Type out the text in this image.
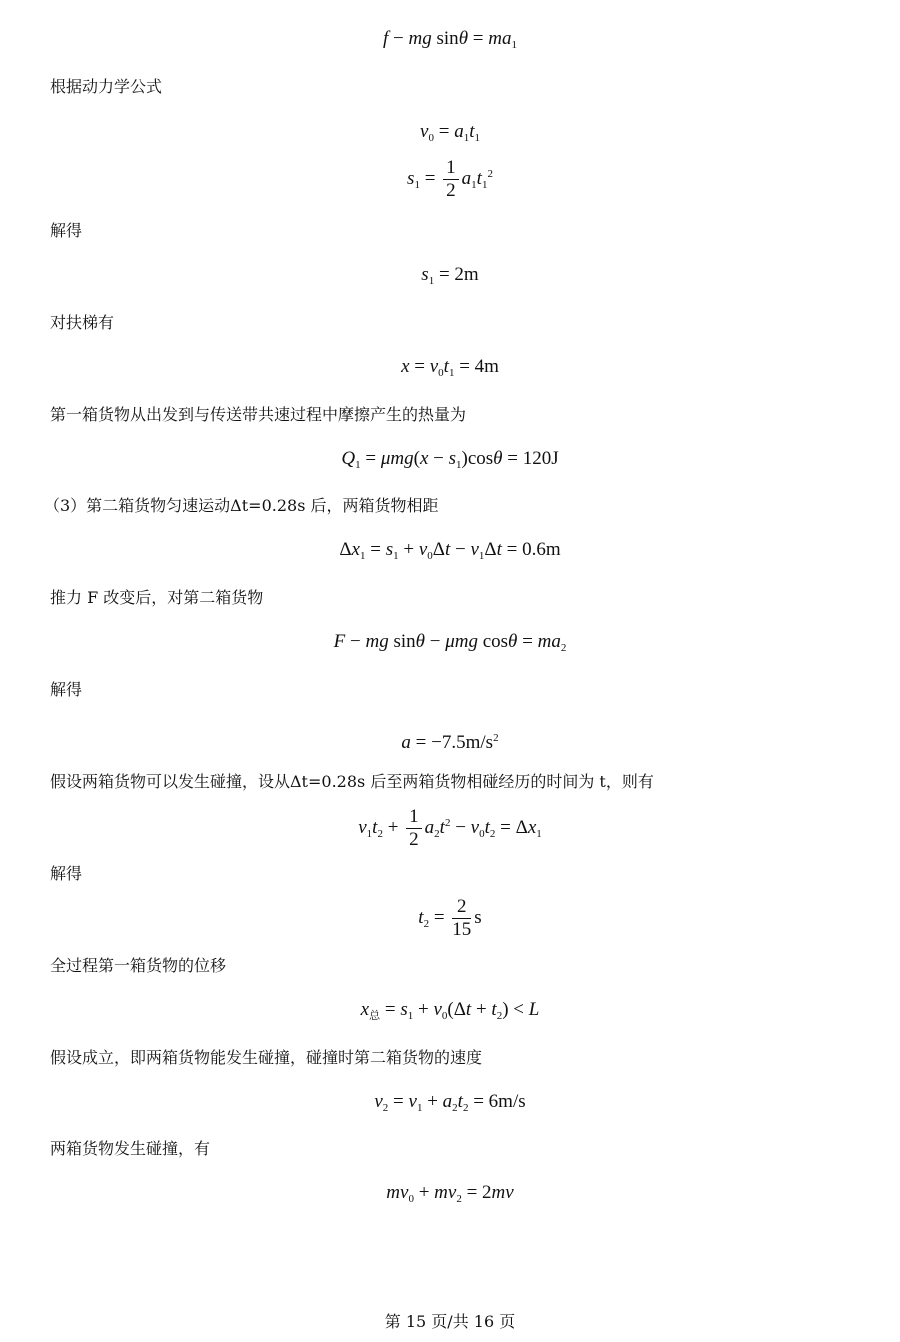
f − mg $\sin\theta = ma_1$
根据动力学公式
$v_0 = a_1t_1$
$s_1 = \frac{1}{2} a_1t_1^2$
解得
$s_1 = 2m$
对扶梯有
$x = v_0t_1 = 4m$
第一箱货物从出发到与传送带共速过程中摩擦产生的热量为
$Q_1 = \mu mg(x - s_1)\cos\theta = 120J$
（3）第二箱货物匀速运动Δt=0.28s 后，两箱货物相距
$\Delta x_1 = s_1 + v_0\Delta t - v_1\Delta t = 0.6m$
推力 F 改变后，对第二箱货物
F − mg sinθ − μmg $\cos\theta = ma_2$
解得
$a = -7.5m/s^2$
假设两箱货物可以发生碰撞，设从Δt=0.28s 后至两箱货物相碰经历的时间为 t，则有
$v_1t_2 + \frac{1}{2} a_2t^2 - v_0t_2 = \Delta x_1$
解得
$t_2 = \frac{2}{15}$ s
全过程第一箱货物的位移
$x_总 = s_1 + v_0(\Delta t + t_2) < L$
假设成立，即两箱货物能发生碰撞，碰撞时第二箱货物的速度
$v_2 = v_1 + a_2t_2 = 6m/s$
两箱货物发生碰撞，有
$mv_0 + mv_2 = 2mv$
第 15 页/共 16 页
